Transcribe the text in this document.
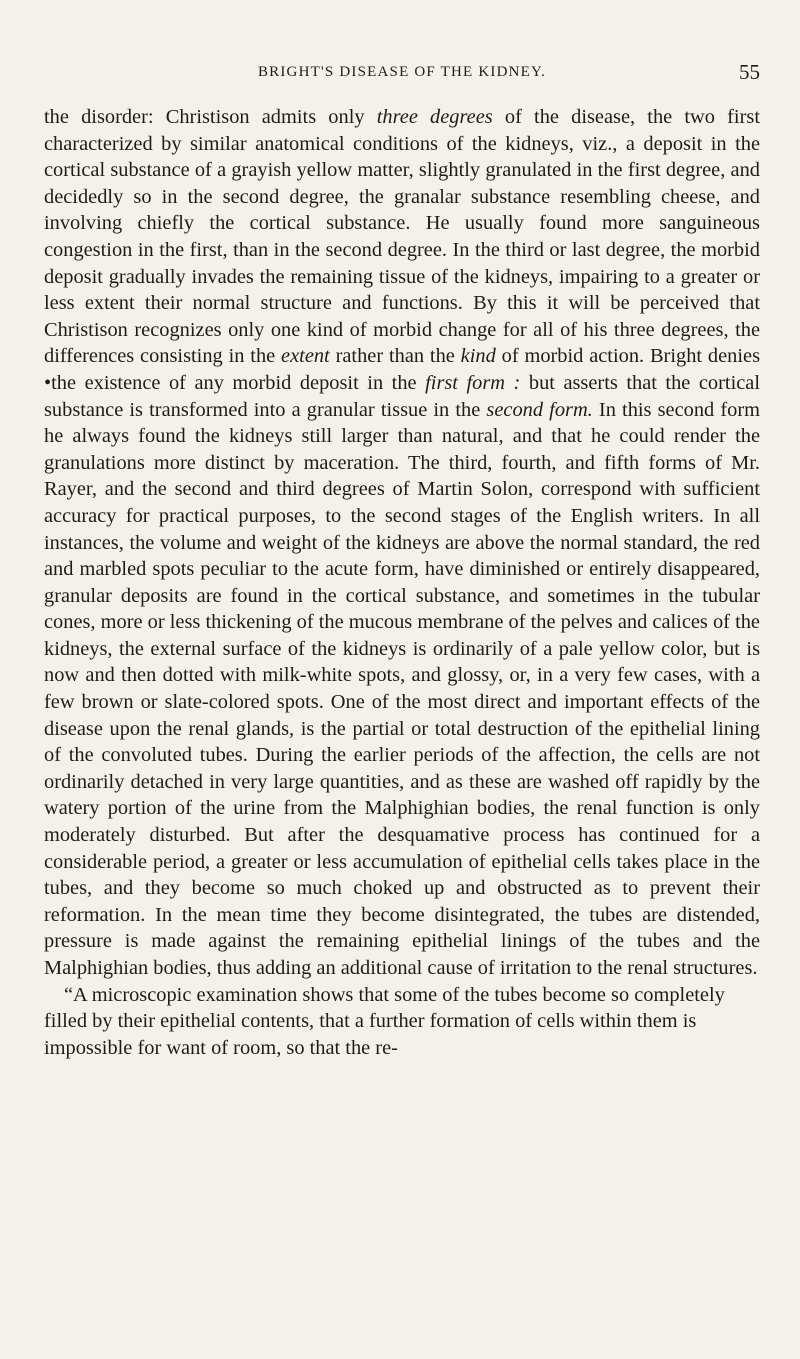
BRIGHT'S DISEASE OF THE KIDNEY.	55

the disorder: Christison admits only three degrees of the disease, the two first characterized by similar anatomical conditions of the kidneys, viz., a deposit in the cortical substance of a grayish yellow matter, slightly granulated in the first degree, and decidedly so in the second degree, the granalar substance resembling cheese, and involving chiefly the cortical substance. He usually found more sanguineous congestion in the first, than in the second degree. In the third or last degree, the morbid deposit gradually invades the remaining tissue of the kidneys, impairing to a greater or less extent their normal structure and functions. By this it will be perceived that Christison recognizes only one kind of morbid change for all of his three degrees, the differences consisting in the extent rather than the kind of morbid action. Bright denies •the existence of any morbid deposit in the first form : but asserts that the cortical substance is transformed into a granular tissue in the second form. In this second form he always found the kidneys still larger than natural, and that he could render the granulations more distinct by maceration. The third, fourth, and fifth forms of Mr. Rayer, and the second and third degrees of Martin Solon, correspond with sufficient accuracy for practical purposes, to the second stages of the English writers. In all instances, the volume and weight of the kidneys are above the normal standard, the red and marbled spots peculiar to the acute form, have diminished or entirely disappeared, granular deposits are found in the cortical substance, and sometimes in the tubular cones, more or less thickening of the mucous membrane of the pelves and calices of the kidneys, the external surface of the kidneys is ordinarily of a pale yellow color, but is now and then dotted with milk-white spots, and glossy, or, in a very few cases, with a few brown or slate-colored spots. One of the most direct and important effects of the disease upon the renal glands, is the partial or total destruction of the epithelial lining of the convoluted tubes. During the earlier periods of the affection, the cells are not ordinarily detached in very large quantities, and as these are washed off rapidly by the watery portion of the urine from the Malphighian bodies, the renal function is only moderately disturbed. But after the desquamative process has continued for a considerable period, a greater or less accumulation of epithelial cells takes place in the tubes, and they become so much choked up and obstructed as to prevent their reformation. In the mean time they become disintegrated, the tubes are distended, pressure is made against the remaining epithelial linings of the tubes and the Malphighian bodies, thus adding an additional cause of irritation to the renal structures.

“A microscopic examination shows that some of the tubes become so completely filled by their epithelial contents, that a further formation of cells within them is impossible for want of room, so that the re-
